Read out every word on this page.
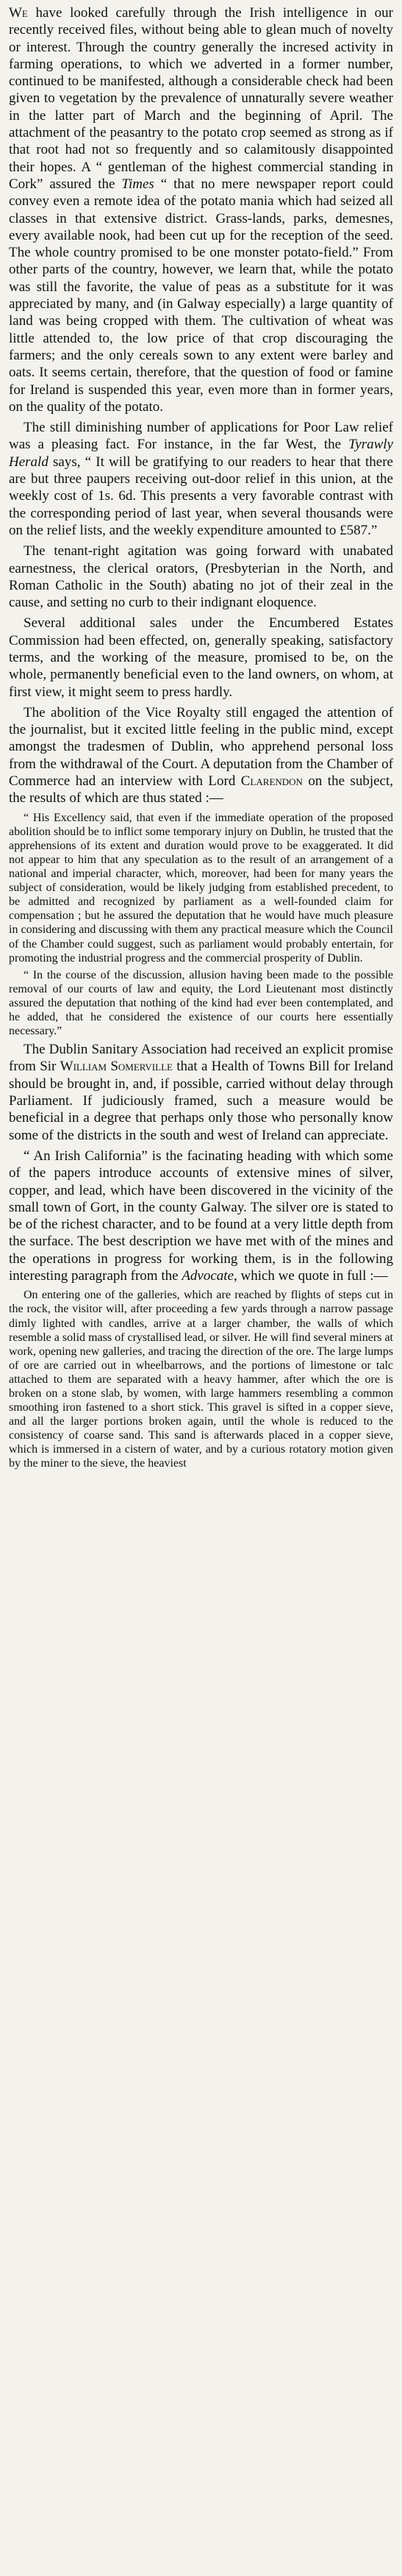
We have looked carefully through the Irish intelligence in our recently received files, without being able to glean much of novelty or interest. Through the country generally the incresed activity in farming operations, to which we adverted in a former number, continued to be manifested, although a considerable check had been given to vegetation by the prevalence of unnaturally severe weather in the latter part of March and the beginning of April. The attachment of the peasantry to the potato crop seemed as strong as if that root had not so frequently and so calamitously disappointed their hopes. A “ gentleman of the highest commercial standing in Cork” assured the Times “ that no mere newspaper report could convey even a remote idea of the potato mania which had seized all classes in that extensive district. Grass-lands, parks, demesnes, every available nook, had been cut up for the reception of the seed. The whole country promised to be one monster potato-field.” From other parts of the country, however, we learn that, while the potato was still the favorite, the value of peas as a substitute for it was appreciated by many, and (in Galway especially) a large quantity of land was being cropped with them. The cultivation of wheat was little attended to, the low price of that crop discouraging the farmers; and the only cereals sown to any extent were barley and oats. It seems certain, therefore, that the question of food or famine for Ireland is suspended this year, even more than in former years, on the quality of the potato.

The still diminishing number of applications for Poor Law relief was a pleasing fact. For instance, in the far West, the Tyrawly Herald says, “ It will be gratifying to our readers to hear that there are but three paupers receiving out-door relief in this union, at the weekly cost of 1s. 6d. This presents a very favorable contrast with the corresponding period of last year, when several thousands were on the relief lists, and the weekly expenditure amounted to £587.”

The tenant-right agitation was going forward with unabated earnestness, the clerical orators, (Presbyterian in the North, and Roman Catholic in the South) abating no jot of their zeal in the cause, and setting no curb to their indignant eloquence.

Several additional sales under the Encumbered Estates Commission had been effected, on, generally speaking, satisfactory terms, and the working of the measure, promised to be, on the whole, permanently beneficial even to the land owners, on whom, at first view, it might seem to press hardly.

The abolition of the Vice Royalty still engaged the attention of the journalist, but it excited little feeling in the public mind, except amongst the tradesmen of Dublin, who apprehend personal loss from the withdrawal of the Court. A deputation from the Chamber of Commerce had an interview with Lord Clarendon on the subject, the results of which are thus stated :—

“ His Excellency said, that even if the immediate operation of the proposed abolition should be to inflict some temporary injury on Dublin, he trusted that the apprehensions of its extent and duration would prove to be exaggerated. It did not appear to him that any speculation as to the result of an arrangement of a national and imperial character, which, moreover, had been for many years the subject of consideration, would be likely judging from established precedent, to be admitted and recognized by parliament as a well-founded claim for compensation ; but he assured the deputation that he would have much pleasure in considering and discussing with them any practical measure which the Council of the Chamber could suggest, such as parliament would probably entertain, for promoting the industrial progress and the commercial prosperity of Dublin.

“ In the course of the discussion, allusion having been made to the possible removal of our courts of law and equity, the Lord Lieutenant most distinctly assured the deputation that nothing of the kind had ever been contemplated, and he added, that he considered the existence of our courts here essentially necessary.”

The Dublin Sanitary Association had received an explicit promise from Sir William Somerville that a Health of Towns Bill for Ireland should be brought in, and, if possible, carried without delay through Parliament. If judiciously framed, such a measure would be beneficial in a degree that perhaps only those who personally know some of the districts in the south and west of Ireland can appreciate.

“ An Irish California” is the facinating heading with which some of the papers introduce accounts of extensive mines of silver, copper, and lead, which have been discovered in the vicinity of the small town of Gort, in the county Galway. The silver ore is stated to be of the richest character, and to be found at a very little depth from the surface. The best description we have met with of the mines and the operations in progress for working them, is in the following interesting paragraph from the Advocate, which we quote in full :—

On entering one of the galleries, which are reached by flights of steps cut in the rock, the visitor will, after proceeding a few yards through a narrow passage dimly lighted with candles, arrive at a larger chamber, the walls of which resemble a solid mass of crystallised lead, or silver. He will find several miners at work, opening new galleries, and tracing the direction of the ore. The large lumps of ore are carried out in wheelbarrows, and the portions of limestone or talc attached to them are separated with a heavy hammer, after which the ore is broken on a stone slab, by women, with large hammers resembling a common smoothing iron fastened to a short stick. This gravel is sifted in a copper sieve, and all the larger portions broken again, until the whole is reduced to the consistency of coarse sand. This sand is afterwards placed in a copper sieve, which is immersed in a cistern of water, and by a curious rotatory motion given by the miner to the sieve, the heaviest
